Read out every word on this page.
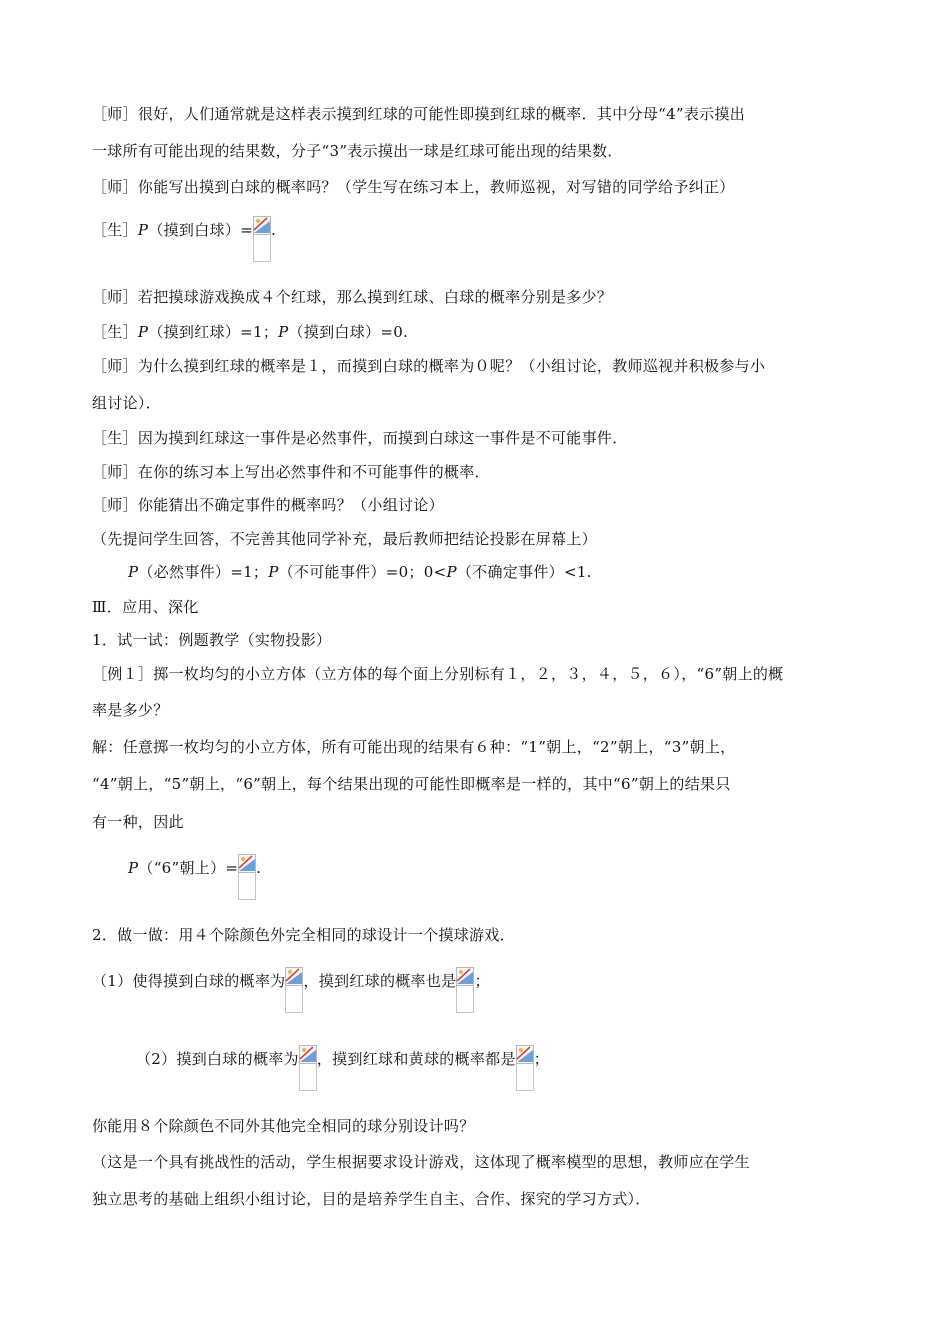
［师］很好，人们通常就是这样表示摸到红球的可能性即摸到红球的概率．其中分母“4”表示摸出
一球所有可能出现的结果数，分子“3”表示摸出一球是红球可能出现的结果数．
［师］你能写出摸到白球的概率吗？（学生写在练习本上，教师巡视，对写错的同学给予纠正）
［生］P（摸到白球）= .
［师］若把摸球游戏换成４个红球，那么摸到红球、白球的概率分别是多少？
［生］P（摸到红球）=1；P（摸到白球）=0.
［师］为什么摸到红球的概率是１，而摸到白球的概率为０呢？（小组讨论，教师巡视并积极参与小
组讨论）．
［生］因为摸到红球这一事件是必然事件，而摸到白球这一事件是不可能事件．
［师］在你的练习本上写出必然事件和不可能事件的概率．
［师］你能猜出不确定事件的概率吗？（小组讨论）
（先提问学生回答，不完善其他同学补充，最后教师把结论投影在屏幕上）
P（必然事件）=1；P（不可能事件）=0；0<P（不确定事件）<1.
Ⅲ．应用、深化
1．试一试：例题教学（实物投影）
［例１］掷一枚均匀的小立方体（立方体的每个面上分别标有１，２，３，４，５，６），“6”朝上的概
率是多少？
解：任意掷一枚均匀的小立方体，所有可能出现的结果有６种：“1”朝上，“2”朝上，“3”朝上，
“4”朝上，“5”朝上，“6”朝上，每个结果出现的可能性即概率是一样的，其中“6”朝上的结果只
有一种，因此
P（“6”朝上）= .
2．做一做：用４个除颜色外完全相同的球设计一个摸球游戏．
（1）使得摸到白球的概率为 ，摸到红球的概率也是 ；
（2）摸到白球的概率为 ，摸到红球和黄球的概率都是 ；
你能用８个除颜色不同外其他完全相同的球分别设计吗？
（这是一个具有挑战性的活动，学生根据要求设计游戏，这体现了概率模型的思想，教师应在学生
独立思考的基础上组织小组讨论，目的是培养学生自主、合作、探究的学习方式）．
